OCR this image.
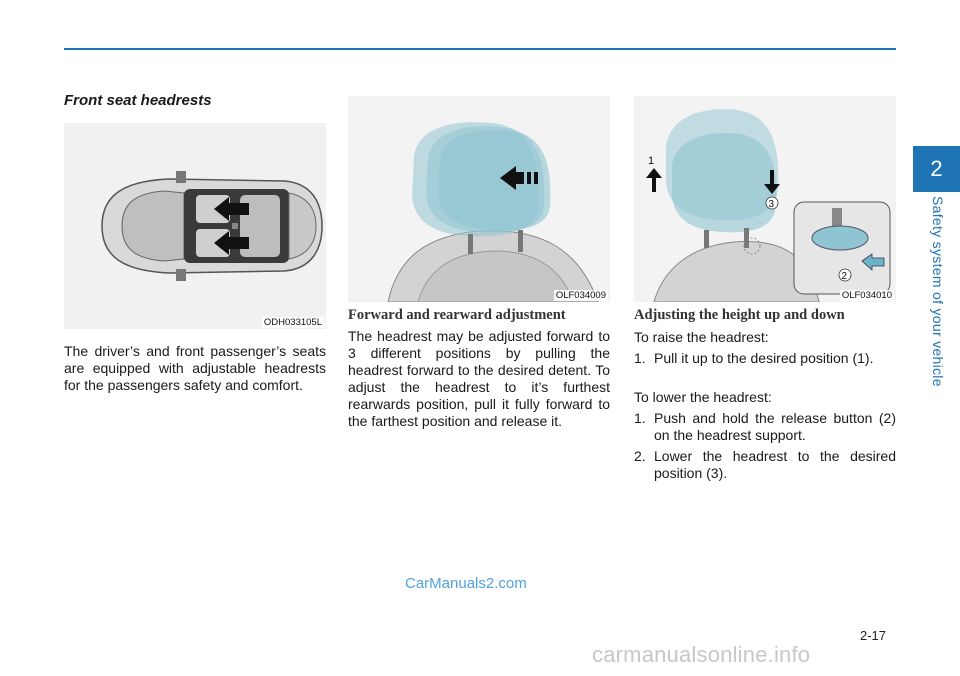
2
Safety system of your vehicle
Front seat headrests
ODH033105L

The driver’s and front passenger’s seats are equipped with adjustable headrests for the passengers safety and comfort.

OLF034009
Forward and rearward adjustment

The headrest may be adjusted forward to 3 different positions by pulling the headrest forward to the desired detent. To adjust the headrest to it’s furthest rearwards position, pull it fully forward to the farthest position and release it.

1
3
2
OLF034010
Adjusting the height up and down
To raise the headrest:
1. Pull it up to the desired position (1).
To lower the headrest:
1. Push and hold the release button (2) on the headrest support.
2. Lower the headrest to the desired position (3).
CarManuals2.com
2-17
carmanualsonline.info
